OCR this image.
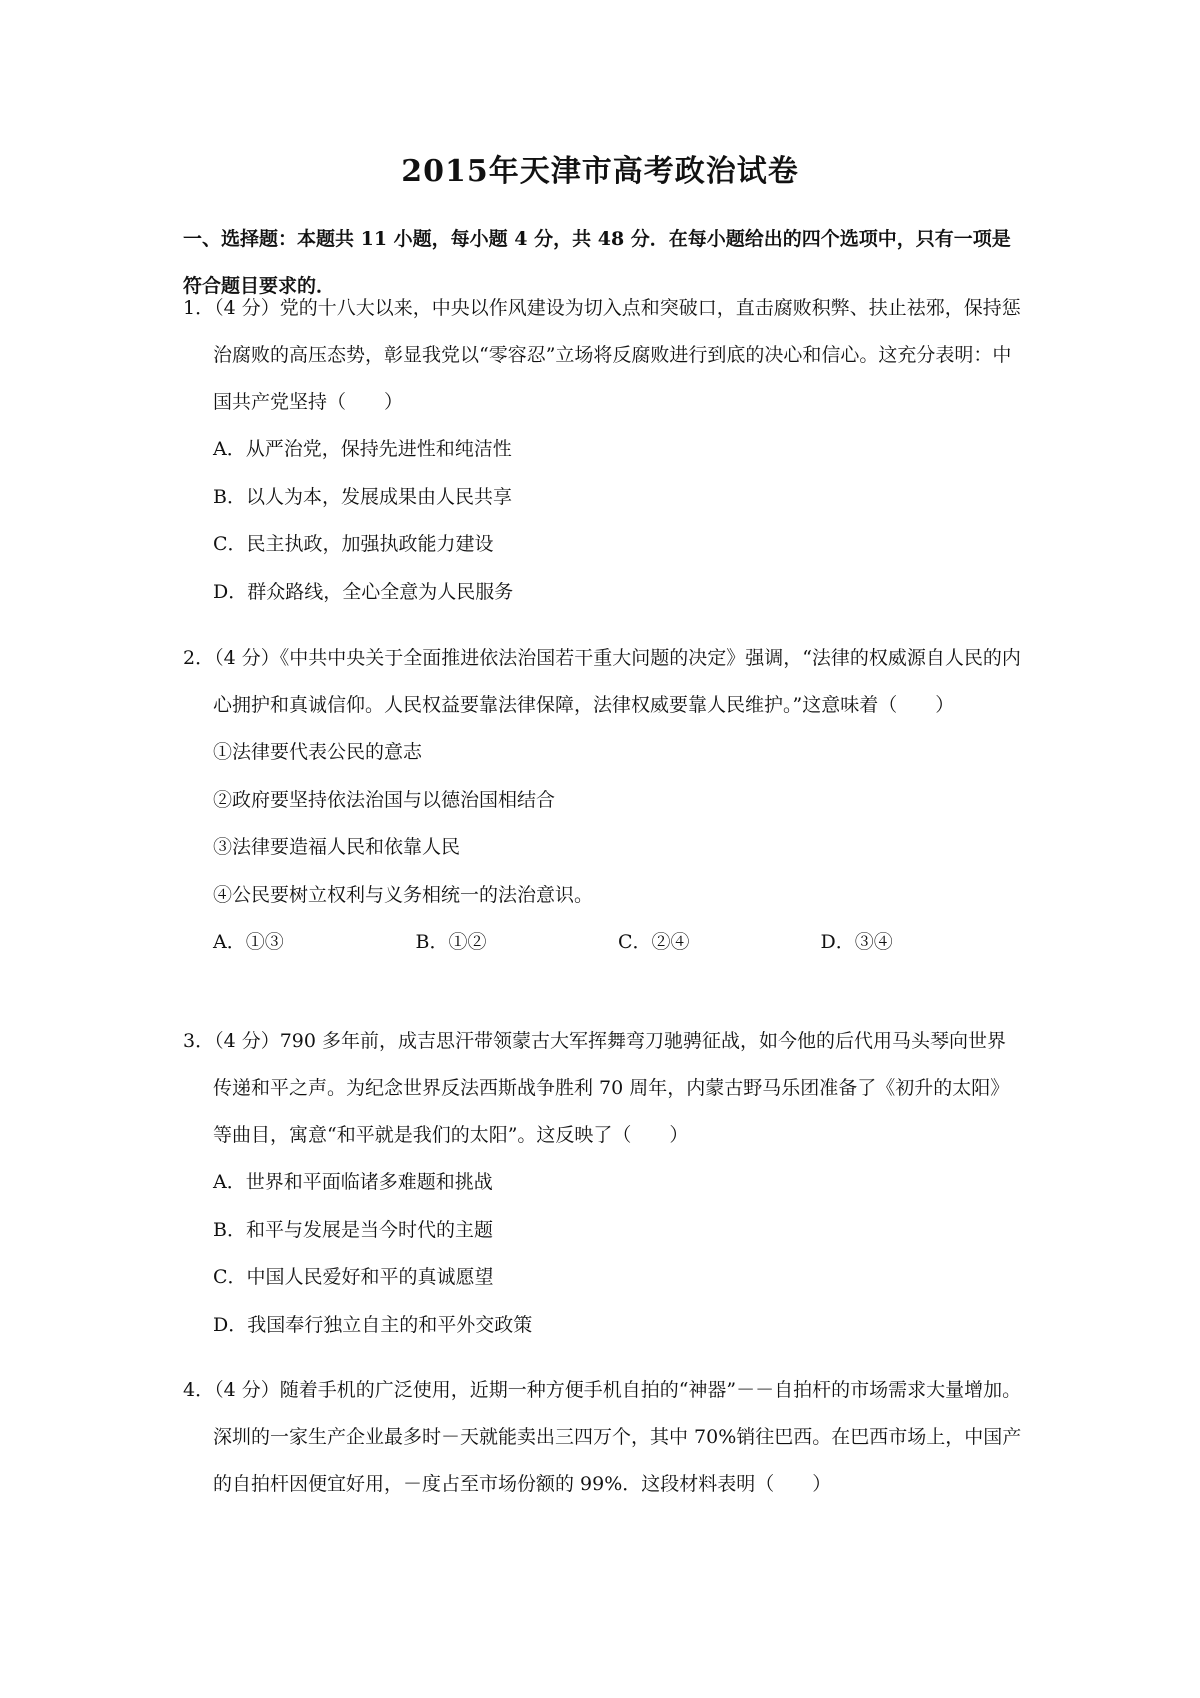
2015年天津市高考政治试卷
一、选择题：本题共 11 小题，每小题 4 分，共 48 分．在每小题给出的四个选项中，只有一项是符合题目要求的．
1．（4 分）党的十八大以来，中央以作风建设为切入点和突破口，直击腐败积弊、扶止祛邪，保持惩治腐败的高压态势，彰显我党以“零容忍”立场将反腐败进行到底的决心和信心。这充分表明：中国共产党坚持（　　）
A．从严治党，保持先进性和纯洁性
B．以人为本，发展成果由人民共享
C．民主执政，加强执政能力建设
D．群众路线，全心全意为人民服务
2．（4 分）《中共中央关于全面推进依法治国若干重大问题的决定》强调，“法律的权威源自人民的内心拥护和真诚信仰。人民权益要靠法律保障，法律权威要靠人民维护。”这意味着（　　）
①法律要代表公民的意志
②政府要坚持依法治国与以德治国相结合
③法律要造福人民和依靠人民
④公民要树立权利与义务相统一的法治意识。
A．①③	B．①②	C．②④	D．③④
3．（4 分）790 多年前，成吉思汗带领蒙古大军挥舞弯刀驰骋征战，如今他的后代用马头琴向世界传递和平之声。为纪念世界反法西斯战争胜利 70 周年，内蒙古野马乐团准备了《初升的太阳》等曲目，寓意“和平就是我们的太阳”。这反映了（　　）
A．世界和平面临诸多难题和挑战
B．和平与发展是当今时代的主题
C．中国人民爱好和平的真诚愿望
D．我国奉行独立自主的和平外交政策
4．（4 分）随着手机的广泛使用，近期一种方便手机自拍的“神器”－－自拍杆的市场需求大量增加。深圳的一家生产企业最多时－天就能卖出三四万个，其中 70%销往巴西。在巴西市场上，中国产的自拍杆因便宜好用，－度占至市场份额的 99%．这段材料表明（　　）
